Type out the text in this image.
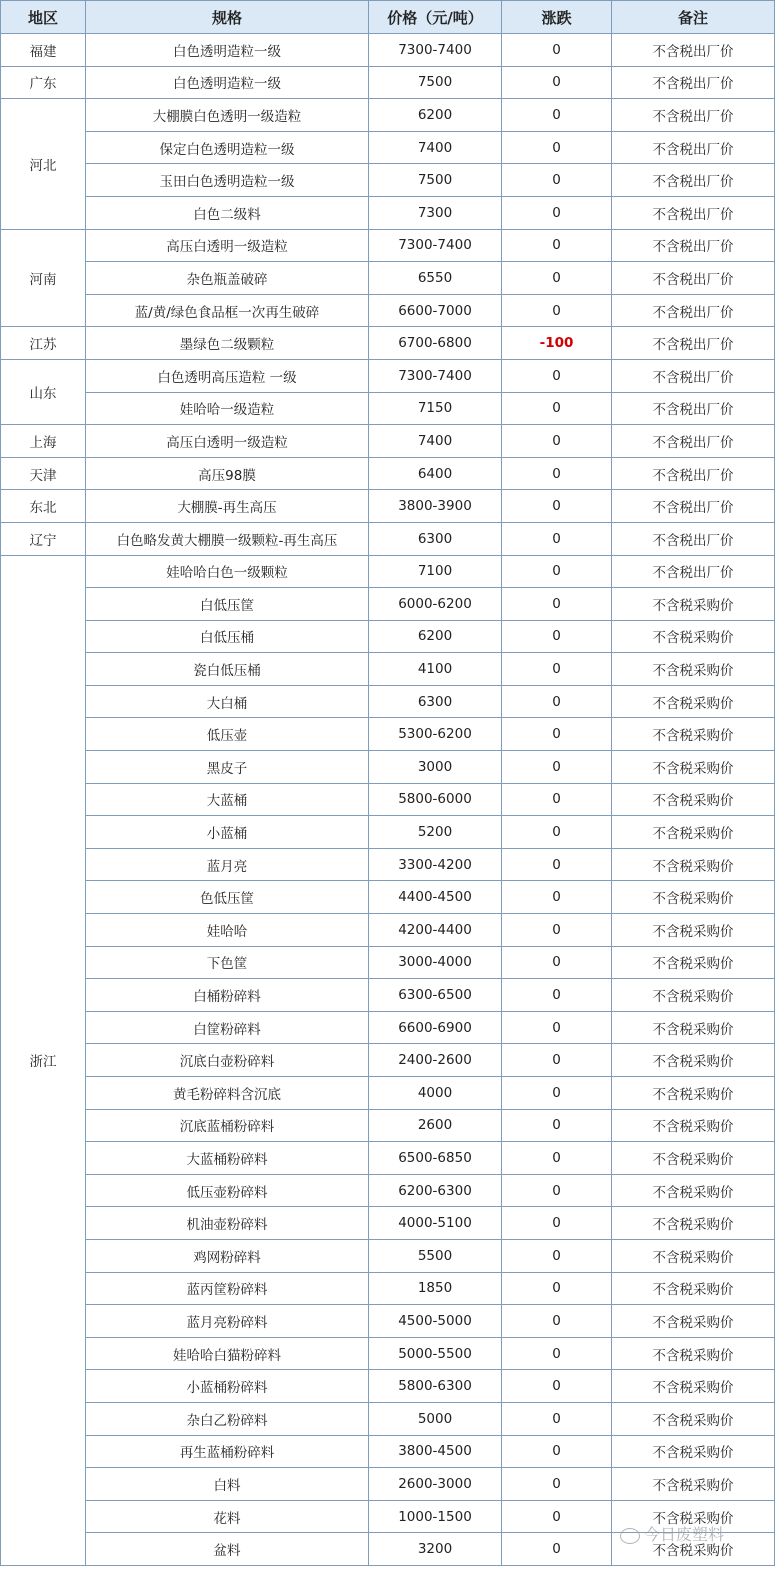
地区	规格	价格（元/吨）	涨跌	备注
福建	白色透明造粒一级	7300-7400	0	不含税出厂价
广东	白色透明造粒一级	7500	0	不含税出厂价
河北	大棚膜白色透明一级造粒	6200	0	不含税出厂价
	保定白色透明造粒一级	7400	0	不含税出厂价
	玉田白色透明造粒一级	7500	0	不含税出厂价
	白色二级料	7300	0	不含税出厂价
河南	高压白透明一级造粒	7300-7400	0	不含税出厂价
	杂色瓶盖破碎	6550	0	不含税出厂价
	蓝/黄/绿色食品框一次再生破碎	6600-7000	0	不含税出厂价
江苏	墨绿色二级颗粒	6700-6800	-100	不含税出厂价
山东	白色透明高压造粒 一级	7300-7400	0	不含税出厂价
	娃哈哈一级造粒	7150	0	不含税出厂价
上海	高压白透明一级造粒	7400	0	不含税出厂价
天津	高压98膜	6400	0	不含税出厂价
东北	大棚膜-再生高压	3800-3900	0	不含税出厂价
辽宁	白色略发黄大棚膜一级颗粒-再生高压	6300	0	不含税出厂价
浙江	娃哈哈白色一级颗粒	7100	0	不含税出厂价
	白低压筐	6000-6200	0	不含税采购价
	白低压桶	6200	0	不含税采购价
	瓷白低压桶	4100	0	不含税采购价
	大白桶	6300	0	不含税采购价
	低压壶	5300-6200	0	不含税采购价
	黑皮子	3000	0	不含税采购价
	大蓝桶	5800-6000	0	不含税采购价
	小蓝桶	5200	0	不含税采购价
	蓝月亮	3300-4200	0	不含税采购价
	色低压筐	4400-4500	0	不含税采购价
	娃哈哈	4200-4400	0	不含税采购价
	下色筐	3000-4000	0	不含税采购价
	白桶粉碎料	6300-6500	0	不含税采购价
	白筐粉碎料	6600-6900	0	不含税采购价
	沉底白壶粉碎料	2400-2600	0	不含税采购价
	黄毛粉碎料含沉底	4000	0	不含税采购价
	沉底蓝桶粉碎料	2600	0	不含税采购价
	大蓝桶粉碎料	6500-6850	0	不含税采购价
	低压壶粉碎料	6200-6300	0	不含税采购价
	机油壶粉碎料	4000-5100	0	不含税采购价
	鸡网粉碎料	5500	0	不含税采购价
	蓝丙筐粉碎料	1850	0	不含税采购价
	蓝月亮粉碎料	4500-5000	0	不含税采购价
	娃哈哈白猫粉碎料	5000-5500	0	不含税采购价
	小蓝桶粉碎料	5800-6300	0	不含税采购价
	杂白乙粉碎料	5000	0	不含税采购价
	再生蓝桶粉碎料	3800-4500	0	不含税采购价
	白料	2600-3000	0	不含税采购价
	花料	1000-1500	0	不含税采购价
	盆料	3200	0	不含税采购价
今日废塑料
